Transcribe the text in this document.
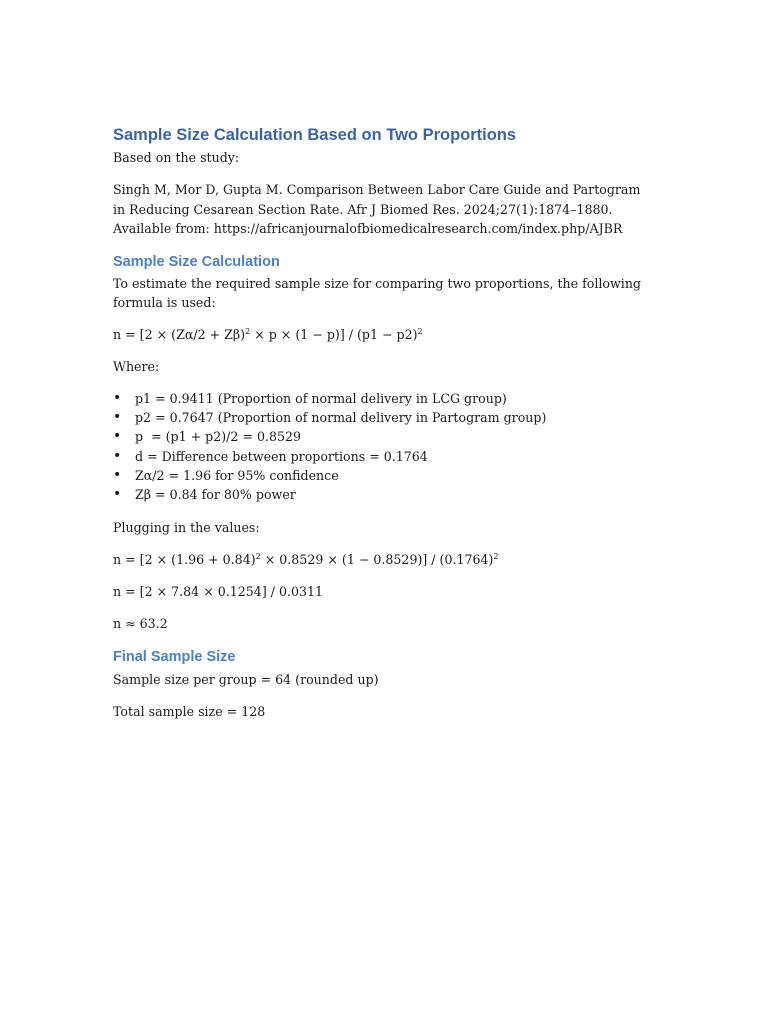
Sample Size Calculation Based on Two Proportions

Based on the study:

Singh M, Mor D, Gupta M. Comparison Between Labor Care Guide and Partogram in Reducing Cesarean Section Rate. Afr J Biomed Res. 2024;27(1):1874–1880. Available from: https://africanjournalofbiomedicalresearch.com/index.php/AJBR

Sample Size Calculation

To estimate the required sample size for comparing two proportions, the following formula is used:

$n = [2 \times (Z\alpha/2 + Z\beta)^2 \times p \times (1 - p)] / (p1 - p2)^2$

Where:

• p1 = 0.9411 (Proportion of normal delivery in LCG group)
• p2 = 0.7647 (Proportion of normal delivery in Partogram group)
• p  = (p1 + p2)/2 = 0.8529
• d = Difference between proportions = 0.1764
• Zα/2 = 1.96 for 95% confidence
• Zβ = 0.84 for 80% power

Plugging in the values:

$n = [2 \times (1.96 + 0.84)^2 \times 0.8529 \times (1 - 0.8529)] / (0.1764)^2$

n = [2 × 7.84 × 0.1254] / 0.0311

n ≈ 63.2

Final Sample Size

Sample size per group = 64 (rounded up)

Total sample size = 128
